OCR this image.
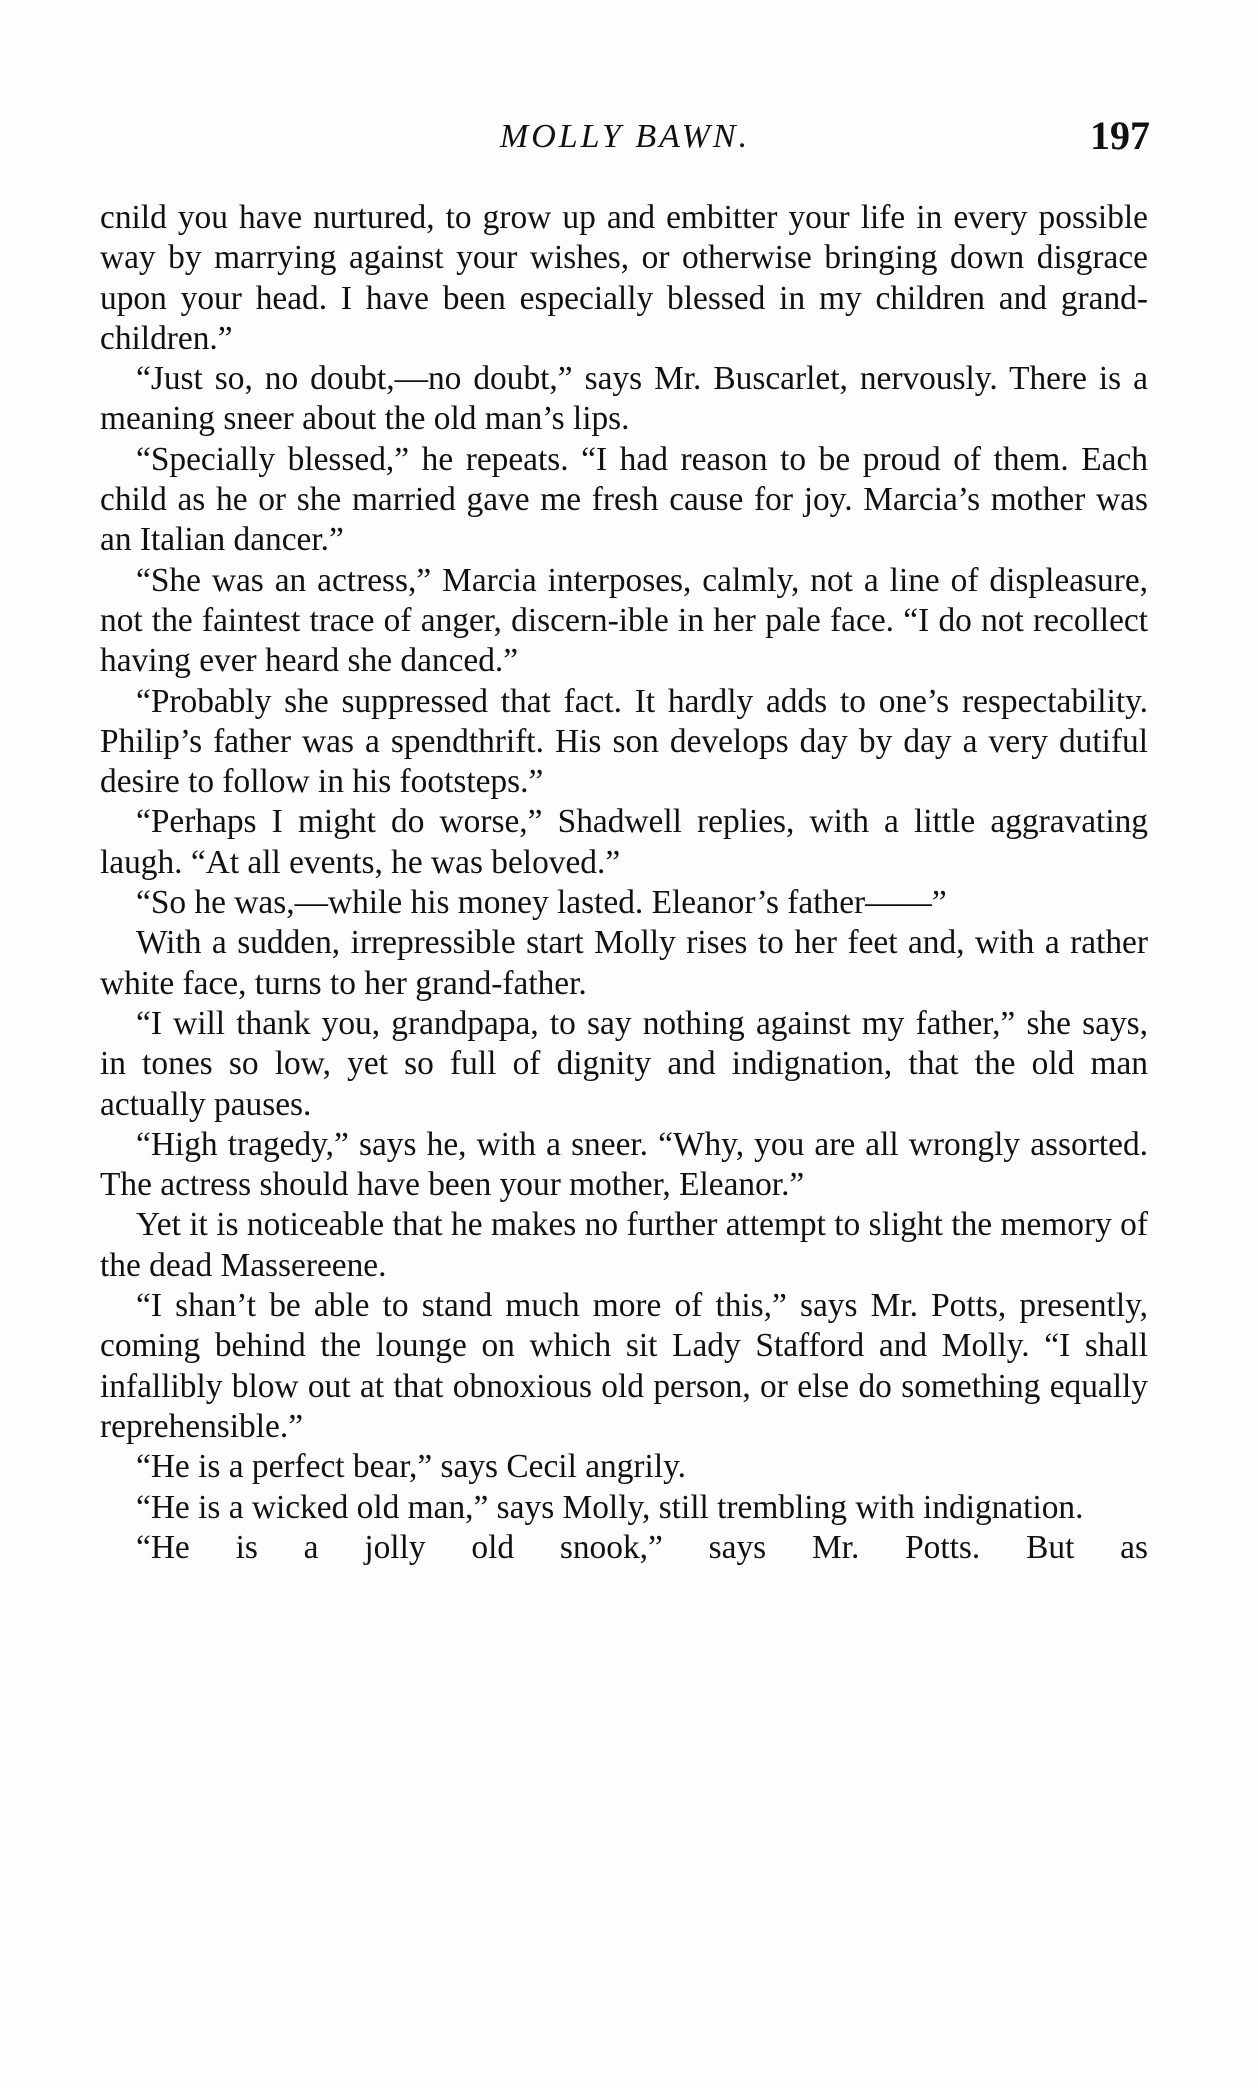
MOLLY BAWN.	197

cnild you have nurtured, to grow up and embitter your life in every possible way by marrying against your wishes, or otherwise bringing down disgrace upon your head. I have been especially blessed in my children and grand-children.”

“Just so, no doubt,—no doubt,” says Mr. Buscarlet, nervously. There is a meaning sneer about the old man’s lips.

“Specially blessed,” he repeats. “I had reason to be proud of them. Each child as he or she married gave me fresh cause for joy. Marcia’s mother was an Italian dancer.”

“She was an actress,” Marcia interposes, calmly, not a line of displeasure, not the faintest trace of anger, discern-ible in her pale face. “I do not recollect having ever heard she danced.”

“Probably she suppressed that fact. It hardly adds to one’s respectability. Philip’s father was a spendthrift. His son develops day by day a very dutiful desire to follow in his footsteps.”

“Perhaps I might do worse,” Shadwell replies, with a little aggravating laugh. “At all events, he was beloved.”

“So he was,—while his money lasted. Eleanor’s father——”

With a sudden, irrepressible start Molly rises to her feet and, with a rather white face, turns to her grand-father.

“I will thank you, grandpapa, to say nothing against my father,” she says, in tones so low, yet so full of dignity and indignation, that the old man actually pauses.

“High tragedy,” says he, with a sneer. “Why, you are all wrongly assorted. The actress should have been your mother, Eleanor.”

Yet it is noticeable that he makes no further attempt to slight the memory of the dead Massereene.

“I shan’t be able to stand much more of this,” says Mr. Potts, presently, coming behind the lounge on which sit Lady Stafford and Molly. “I shall infallibly blow out at that obnoxious old person, or else do something equally reprehensible.”

“He is a perfect bear,” says Cecil angrily.

“He is a wicked old man,” says Molly, still trembling with indignation.

“He is a jolly old snook,” says Mr. Potts. But as
